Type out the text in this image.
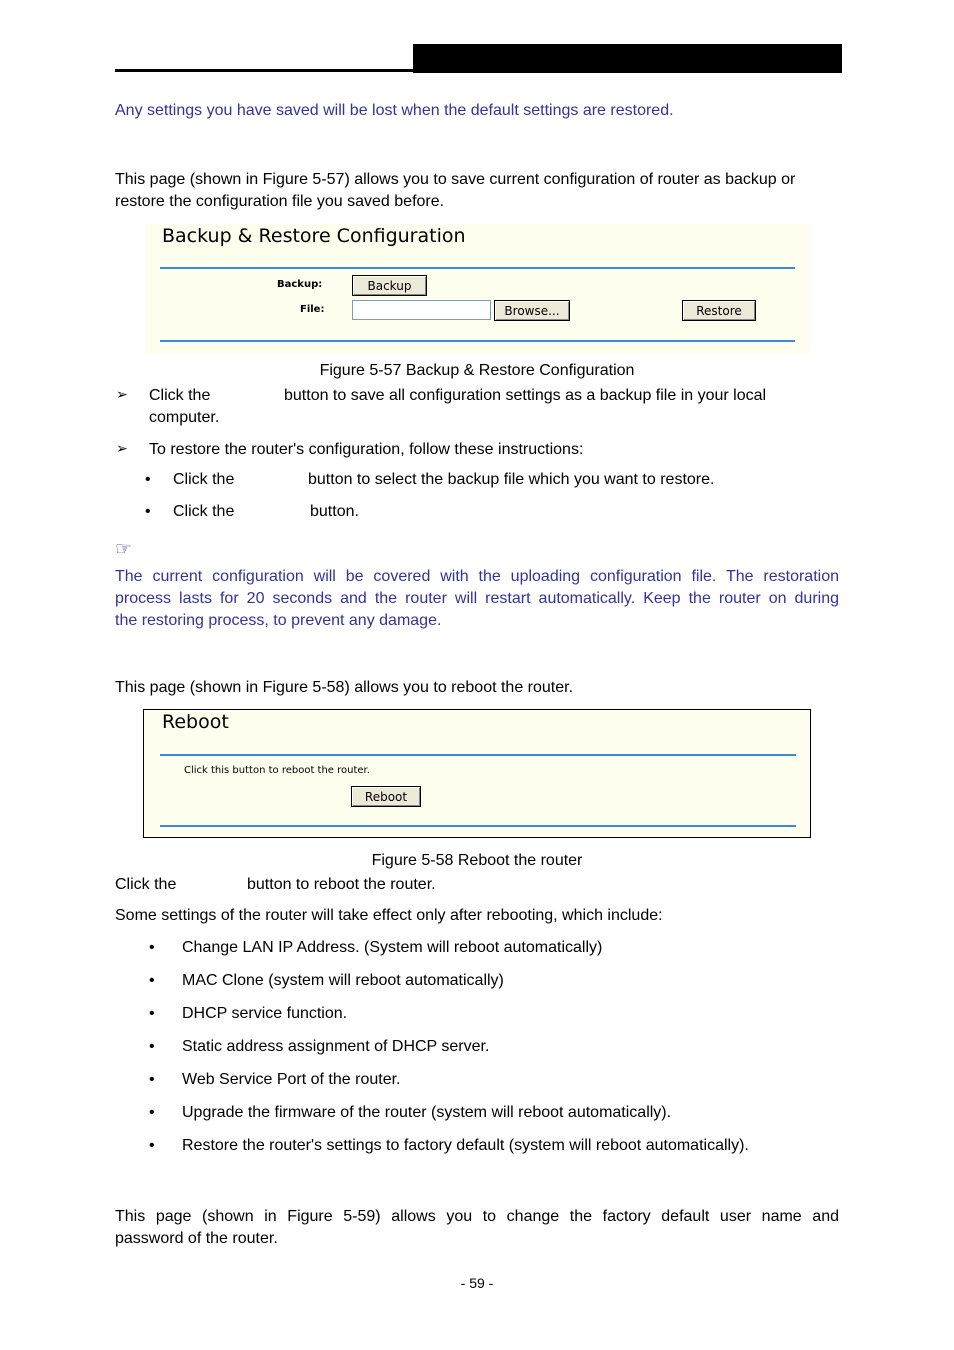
Any settings you have saved will be lost when the default settings are restored.
This page (shown in Figure 5-57) allows you to save current configuration of router as backup or
restore the configuration file you saved before.
Backup & Restore Configuration
Backup:	Backup
File:	Browse...	Restore
Figure 5-57 Backup & Restore Configuration
➢ Click the	button to save all configuration settings as a backup file in your local
computer.
➢ To restore the router's configuration, follow these instructions:
• Click the	button to select the backup file which you want to restore.
• Click the	button.
☞
The current configuration will be covered with the uploading configuration file. The restoration
process lasts for 20 seconds and the router will restart automatically. Keep the router on during
the restoring process, to prevent any damage.
This page (shown in Figure 5-58) allows you to reboot the router.
Reboot
Click this button to reboot the router.
Reboot
Figure 5-58 Reboot the router
Click the	button to reboot the router.
Some settings of the router will take effect only after rebooting, which include:
• Change LAN IP Address. (System will reboot automatically)
• MAC Clone (system will reboot automatically)
• DHCP service function.
• Static address assignment of DHCP server.
• Web Service Port of the router.
• Upgrade the firmware of the router (system will reboot automatically).
• Restore the router's settings to factory default (system will reboot automatically).
This page (shown in Figure 5-59) allows you to change the factory default user name and
password of the router.
- 59 -
